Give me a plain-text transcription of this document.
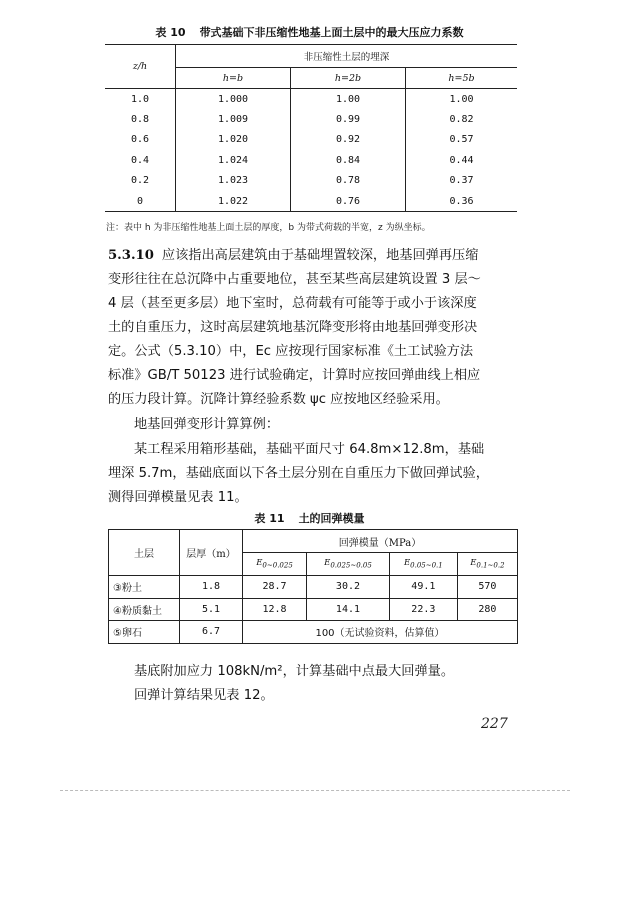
表 10 带式基础下非压缩性地基上面土层中的最大压应力系数
z/h	非压缩性土层的埋深		
	h=b	h=2b	h=5b
1.0	1.000	1.00	1.00
0.8	1.009	0.99	0.82
0.6	1.020	0.92	0.57
0.4	1.024	0.84	0.44
0.2	1.023	0.78	0.37
0	1.022	0.76	0.36
注：表中 h 为非压缩性地基上面土层的厚度，b 为带式荷载的半宽，z 为纵坐标。
5.3.10 应该指出高层建筑由于基础埋置较深，地基回弹再压缩
变形往往在总沉降中占重要地位，甚至某些高层建筑设置 3 层～
4 层（甚至更多层）地下室时，总荷载有可能等于或小于该深度
土的自重压力，这时高层建筑地基沉降变形将由地基回弹变形决
定。公式（5.3.10）中，Ec 应按现行国家标准《土工试验方法
标准》GB/T 50123 进行试验确定，计算时应按回弹曲线上相应
的压力段计算。沉降计算经验系数 ψc 应按地区经验采用。
地基回弹变形计算算例：
某工程采用箱形基础，基础平面尺寸 64.8m×12.8m，基础
埋深 5.7m，基础底面以下各土层分别在自重压力下做回弹试验，
测得回弹模量见表 11。
表 11 土的回弹模量
土层	层厚（m）	回弹模量（MPa）			
		$E_{0\sim 0.025}$	$E_{0.025\sim 0.05}$	$E_{0.05\sim 0.1}$	$E_{0.1\sim 0.2}$
③粉土	1.8	28.7	30.2	49.1	570
④粉质黏土	5.1	12.8	14.1	22.3	280
⑤卵石	6.7	100（无试验资料，估算值）			
基底附加应力 108kN/m²，计算基础中点最大回弹量。
回弹计算结果见表 12。
227
